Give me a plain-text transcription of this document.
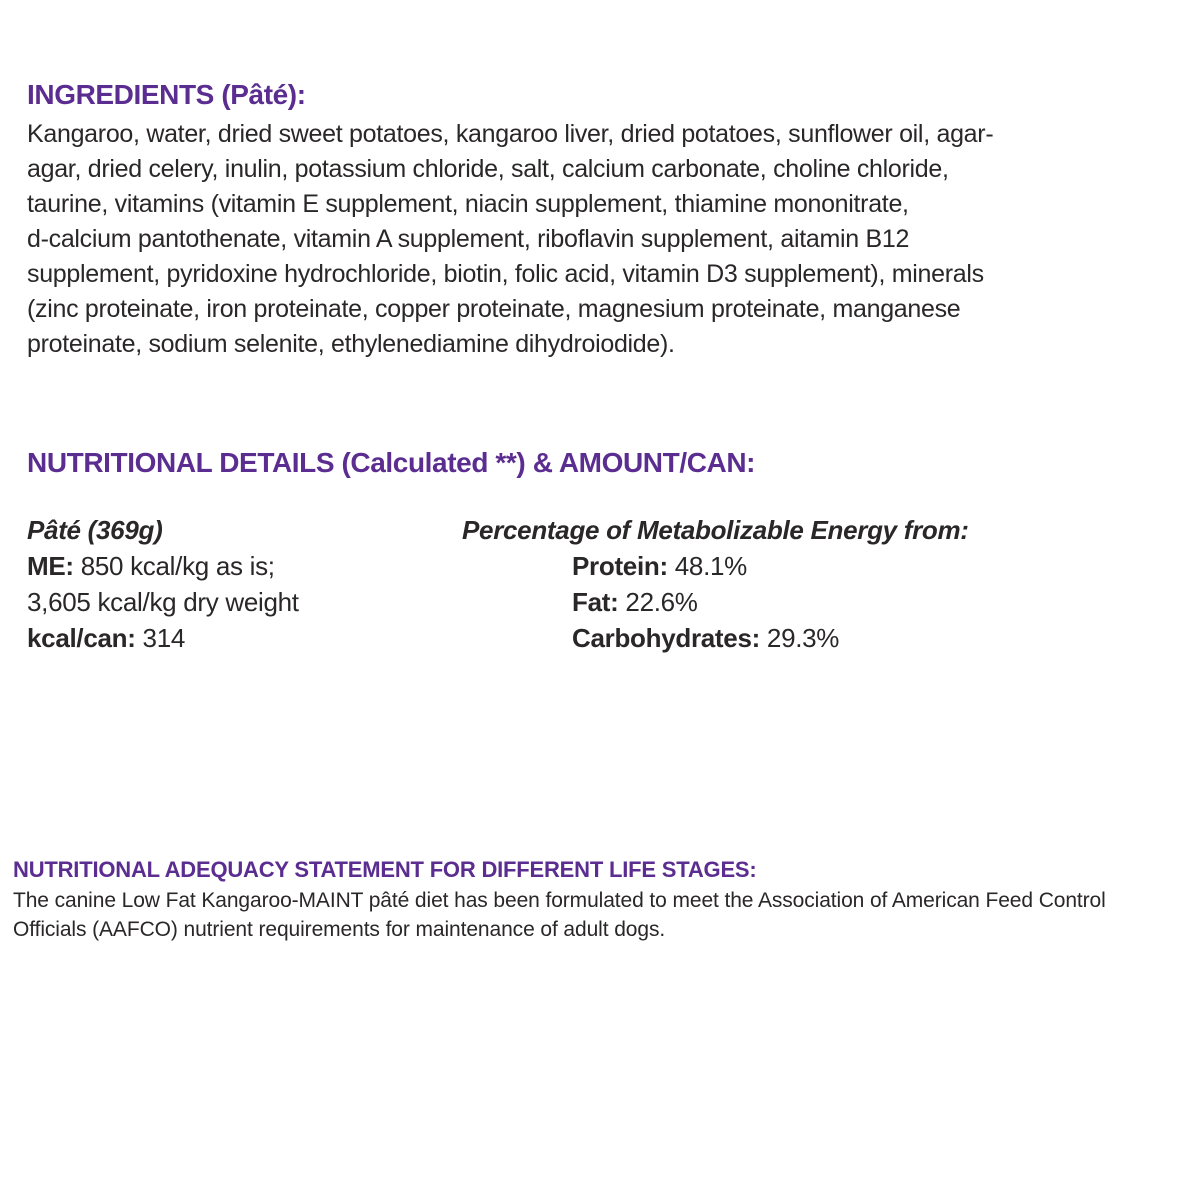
INGREDIENTS (Pâté):
Kangaroo, water, dried sweet potatoes, kangaroo liver, dried potatoes, sunflower oil, agar-
agar, dried celery, inulin, potassium chloride, salt, calcium carbonate, choline chloride,
taurine, vitamins (vitamin E supplement, niacin supplement, thiamine mononitrate,
d-calcium pantothenate, vitamin A supplement, riboflavin supplement, aitamin B12
supplement, pyridoxine hydrochloride, biotin, folic acid, vitamin D3 supplement), minerals
(zinc proteinate, iron proteinate, copper proteinate, magnesium proteinate, manganese
proteinate, sodium selenite, ethylenediamine dihydroiodide).
NUTRITIONAL DETAILS (Calculated **) & AMOUNT/CAN:
Pâté (369g)
ME: 850 kcal/kg as is;
3,605 kcal/kg dry weight
kcal/can: 314
Percentage of Metabolizable Energy from:
Protein: 48.1%
Fat: 22.6%
Carbohydrates: 29.3%
NUTRITIONAL ADEQUACY STATEMENT FOR DIFFERENT LIFE STAGES:
The canine Low Fat Kangaroo-MAINT pâté diet has been formulated to meet the Association of American Feed Control
Officials (AAFCO) nutrient requirements for maintenance of adult dogs.
